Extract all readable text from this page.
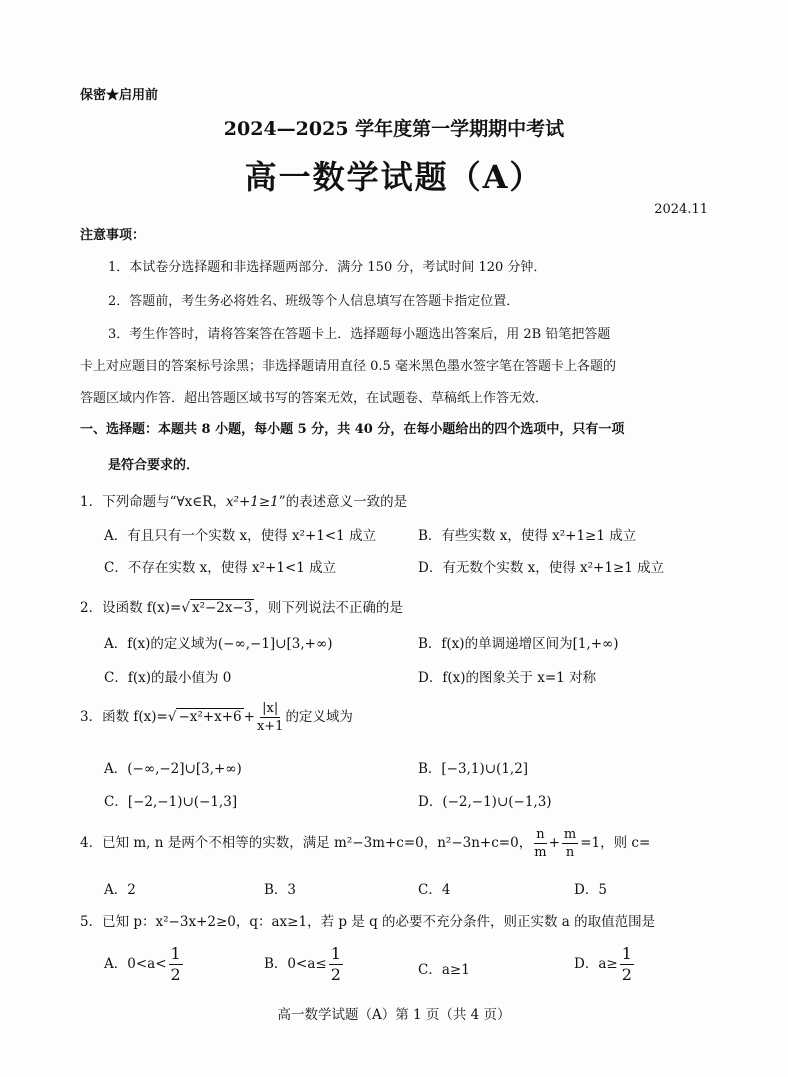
保密★启用前
2024—2025 学年度第一学期期中考试
高一数学试题（A）
2024.11
注意事项：
1．本试卷分选择题和非选择题两部分．满分 150 分，考试时间 120 分钟．
2．答题前，考生务必将姓名、班级等个人信息填写在答题卡指定位置．
3．考生作答时，请将答案答在答题卡上．选择题每小题选出答案后，用 2B 铅笔把答题
卡上对应题目的答案标号涂黑；非选择题请用直径 0.5 毫米黑色墨水签字笔在答题卡上各题的
答题区域内作答．超出答题区域书写的答案无效，在试题卷、草稿纸上作答无效．
一、选择题：本题共 8 小题，每小题 5 分，共 40 分，在每小题给出的四个选项中，只有一项
是符合要求的．
1．下列命题与“∀x∈R，x²+1≥1”的表述意义一致的是
A．有且只有一个实数 x，使得 x²+1<1 成立	B．有些实数 x，使得 x²+1≥1 成立
C．不存在实数 x，使得 x²+1<1 成立	D．有无数个实数 x，使得 x²+1≥1 成立
2．设函数 f(x)=√ x²−2x−3 ，则下列说法不正确的是
A．f(x)的定义域为(−∞,−1]∪[3,+∞)	B．f(x)的单调递增区间为[1,+∞)
C．f(x)的最小值为 0	D．f(x)的图象关于 x=1 对称
3．函数 $f(x)=√ -x^2+x+6 + \frac{|x|}{x+1}$ 的定义域为
A．(−∞,−2]∪[3,+∞)	B．[−3,1)∪(1,2]
C．[−2,−1)∪(−1,3]	D．(−2,−1)∪(−1,3)
4．已知 m, n 是两个不相等的实数，满足 m²−3m+c=0，n²−3n+c=0， $\frac{n}{m} + \frac{m}{n} =1$，则 c=
A．2	B．3	C．4	D．5
5．已知 p：x²−3x+2≥0，q：ax≥1，若 p 是 q 的必要不充分条件，则正实数 a 的取值范围是
A．$0<a< \frac{1}{2}$	B．$0<a\le \frac{1}{2}$	C．a≥1	D．$a\ge \frac{1}{2}$
高一数学试题（A）第 1 页（共 4 页）
